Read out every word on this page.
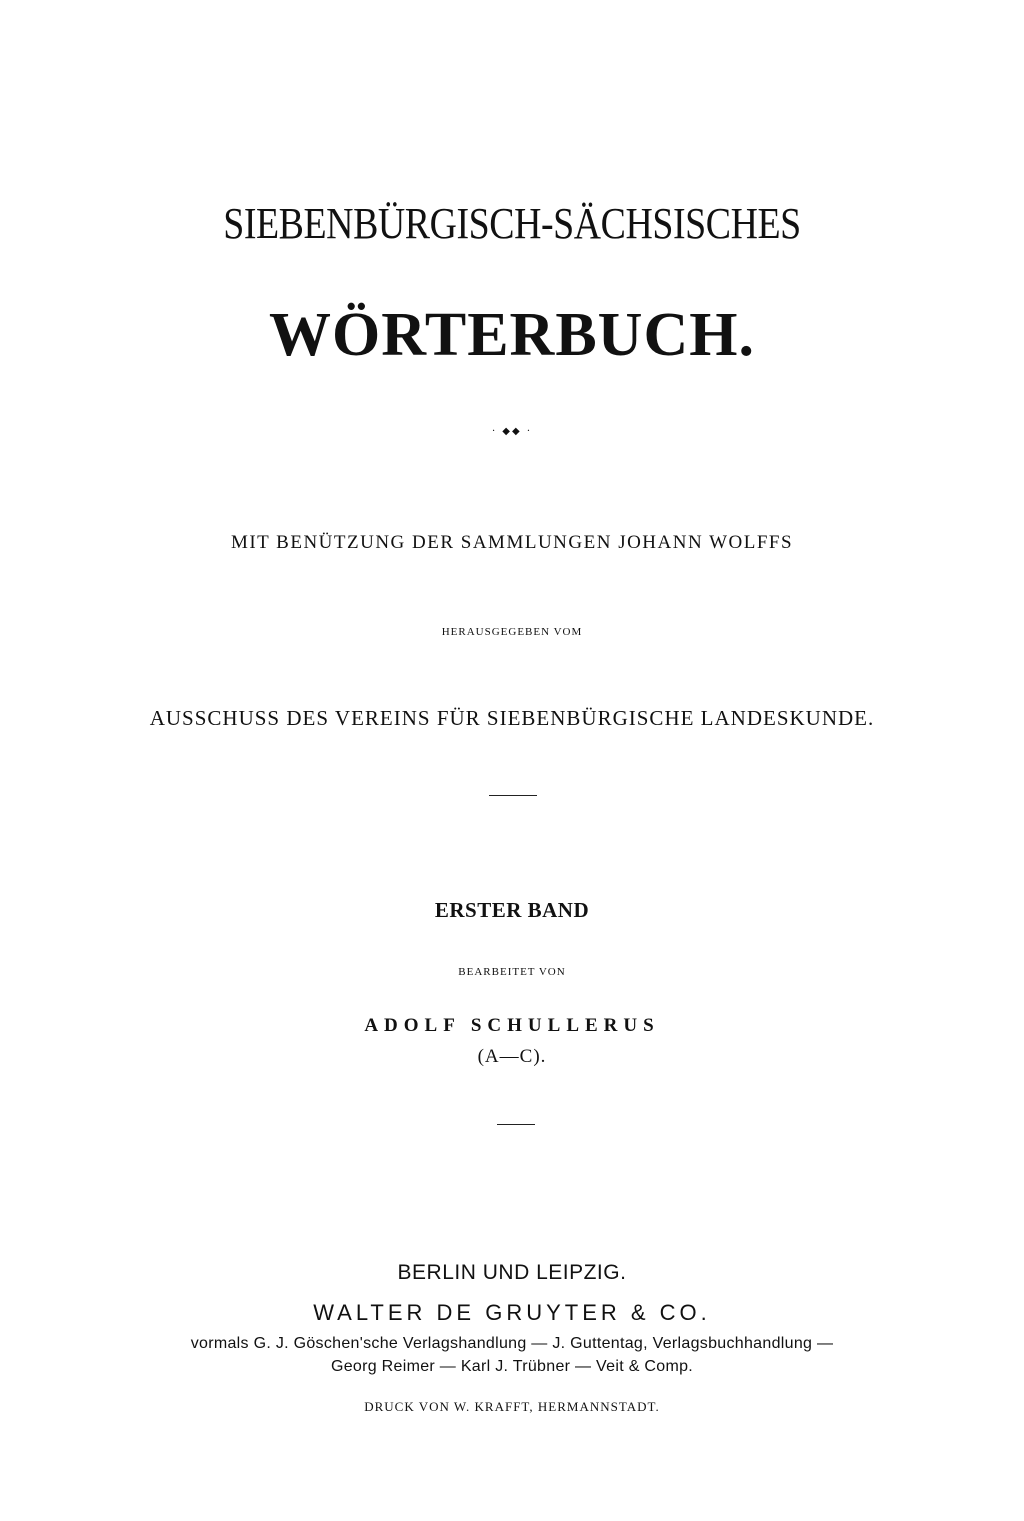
SIEBENBÜRGISCH-SÄCHSISCHES
WÖRTERBUCH.
· ◆◆ ·
MIT BENÜTZUNG DER SAMMLUNGEN JOHANN WOLFFS
HERAUSGEGEBEN VOM
AUSSCHUSS DES VEREINS FÜR SIEBENBÜRGISCHE LANDESKUNDE.
ERSTER BAND
BEARBEITET VON
ADOLF SCHULLERUS
(A—C).
BERLIN UND LEIPZIG.
WALTER DE GRUYTER & CO.
vormals G. J. Göschen'sche Verlagshandlung — J. Guttentag, Verlagsbuchhandlung —
Georg Reimer — Karl J. Trübner — Veit & Comp.
DRUCK VON W. KRAFFT, HERMANNSTADT.
